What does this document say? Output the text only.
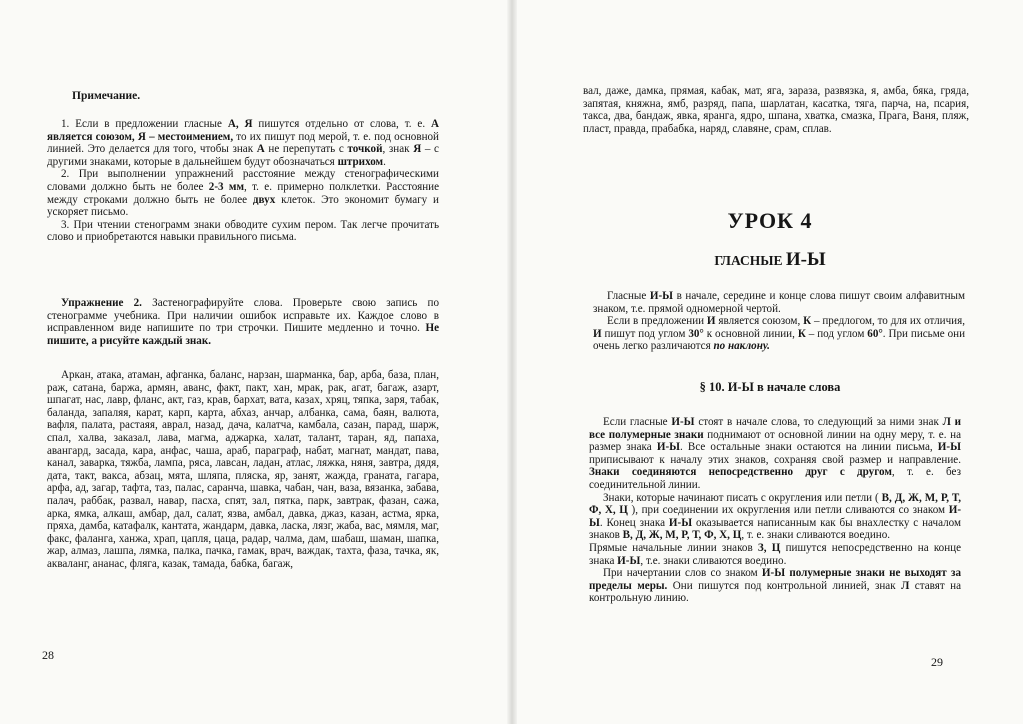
Примечание.

1. Если в предложении гласные А, Я пишутся отдельно от слова, т. е. А является союзом, Я – местоимением, то их пишут под мерой, т. е. под основной линией. Это делается для того, чтобы знак А не перепутать с точкой, знак Я – с другими знаками, которые в дальнейшем будут обозначаться штрихом.

2. При выполнении упражнений расстояние между стенографическими словами должно быть не более 2-3 мм, т. е. примерно полклетки. Расстояние между строками должно быть не более двух клеток. Это экономит бумагу и ускоряет письмо.

3. При чтении стенограмм знаки обводите сухим пером. Так легче прочитать слово и приобретаются навыки правильного письма.

Упражнение 2. Застенографируйте слова. Проверьте свою запись по стенограмме учебника. При наличии ошибок исправьте их. Каждое слово в исправленном виде напишите по три строчки. Пишите медленно и точно. Не пишите, а рисуйте каждый знак.

Аркан, атака, атаман, афганка, баланс, нарзан, шарманка, бар, арба, база, план, раж, сатана, баржа, армян, аванс, факт, пакт, хан, мрак, рак, агат, багаж, азарт, шпагат, нас, лавр, фланс, акт, газ, крав, бархат, вата, казах, хряц, тяпка, заря, табак, баланда, запаляя, карат, карп, карта, абхаз, анчар, албанка, сама, баян, валюта, вафля, палата, растаяя, аврал, назад, дача, калатча, камбала, сазан, парад, шарж, спал, халва, заказал, лава, магма, аджарка, халат, талант, таран, яд, папаха, авангард, засада, кара, анфас, чаша, араб, параграф, набат, магнат, мандат, пава, канал, заварка, тяжба, лампа, ряса, лавсан, ладан, атлас, ляжка, няня, завтра, дядя, дата, такт, вакса, абзац, мята, шляпа, пляска, яр, занят, жажда, граната, гагара, арфа, ад, загар, тафта, таз, палас, саранча, шавка, чабан, чан, ваза, вязанка, забава, палач, раббак, развал, навар, пасха, спят, зал, пятка, парк, завтрак, фазан, сажа, арка, ямка, алкаш, амбар, дал, салат, язва, амбал, давка, джаз, казан, астма, ярка, пряха, дамба, катафалк, кантата, жандарм, давка, ласка, лязг, жаба, вас, мямля, маг, факс, фаланга, ханжа, храп, цапля, цаца, радар, чалма, дам, шабаш, шаман, шапка, жар, алмаз, лашпа, лямка, палка, пачка, гамак, врач, важдак, тахта, фаза, тачка, як, акваланг, ананас, фляга, казак, тамада, бабка, багаж,

28

вал, даже, дамка, прямая, кабак, мат, яга, зараза, развязка, я, амба, бяка, гряда, запятая, княжна, ямб, разряд, папа, шарлатан, касатка, тяга, парча, на, псария, такса, два, бандаж, явка, ярангa, ядро, шпана, хватка, смазка, Прага, Ваня, пляж, пласт, правда, прабабка, наряд, славяне, срам, сплав.

УРОК 4
ГЛАСНЫЕ И-Ы

Гласные И-Ы в начале, середине и конце слова пишут своим алфавитным знаком, т.е. прямой одномерной чертой.

Если в предложении И является союзом, К – предлогом, то для их отличия, И пишут под углом 30° к основной линии, К – под углом 60°. При письме они очень легко различаются по наклону.

§ 10. И-Ы в начале слова

Если гласные И-Ы стоят в начале слова, то следующий за ними знак Л и все полумерные знаки поднимают от основной линии на одну меру, т. е. на размер знака И-Ы. Все остальные знаки остаются на линии письма, И-Ы приписывают к началу этих знаков, сохраняя свой размер и направление. Знаки соединяются непосредственно друг с другом, т. е. без соединительной линии.

Знаки, которые начинают писать с округления или петли ( В, Д, Ж, М, Р, Т, Ф, Х, Ц ), при соединении их округления или петли сливаются со знаком И-Ы. Конец знака И-Ы оказывается написанным как бы внахлестку с началом знаков В, Д, Ж, М, Р, Т, Ф, Х, Ц, т. е. знаки сливаются воедино.

Прямые начальные линии знаков З, Ц пишутся непосредственно на конце знака И-Ы, т.е. знаки сливаются воедино.

При начертании слов со знаком И-Ы полумерные знаки не выходят за пределы меры. Они пишутся под контрольной линией, знак Л ставят на контрольную линию.

29
